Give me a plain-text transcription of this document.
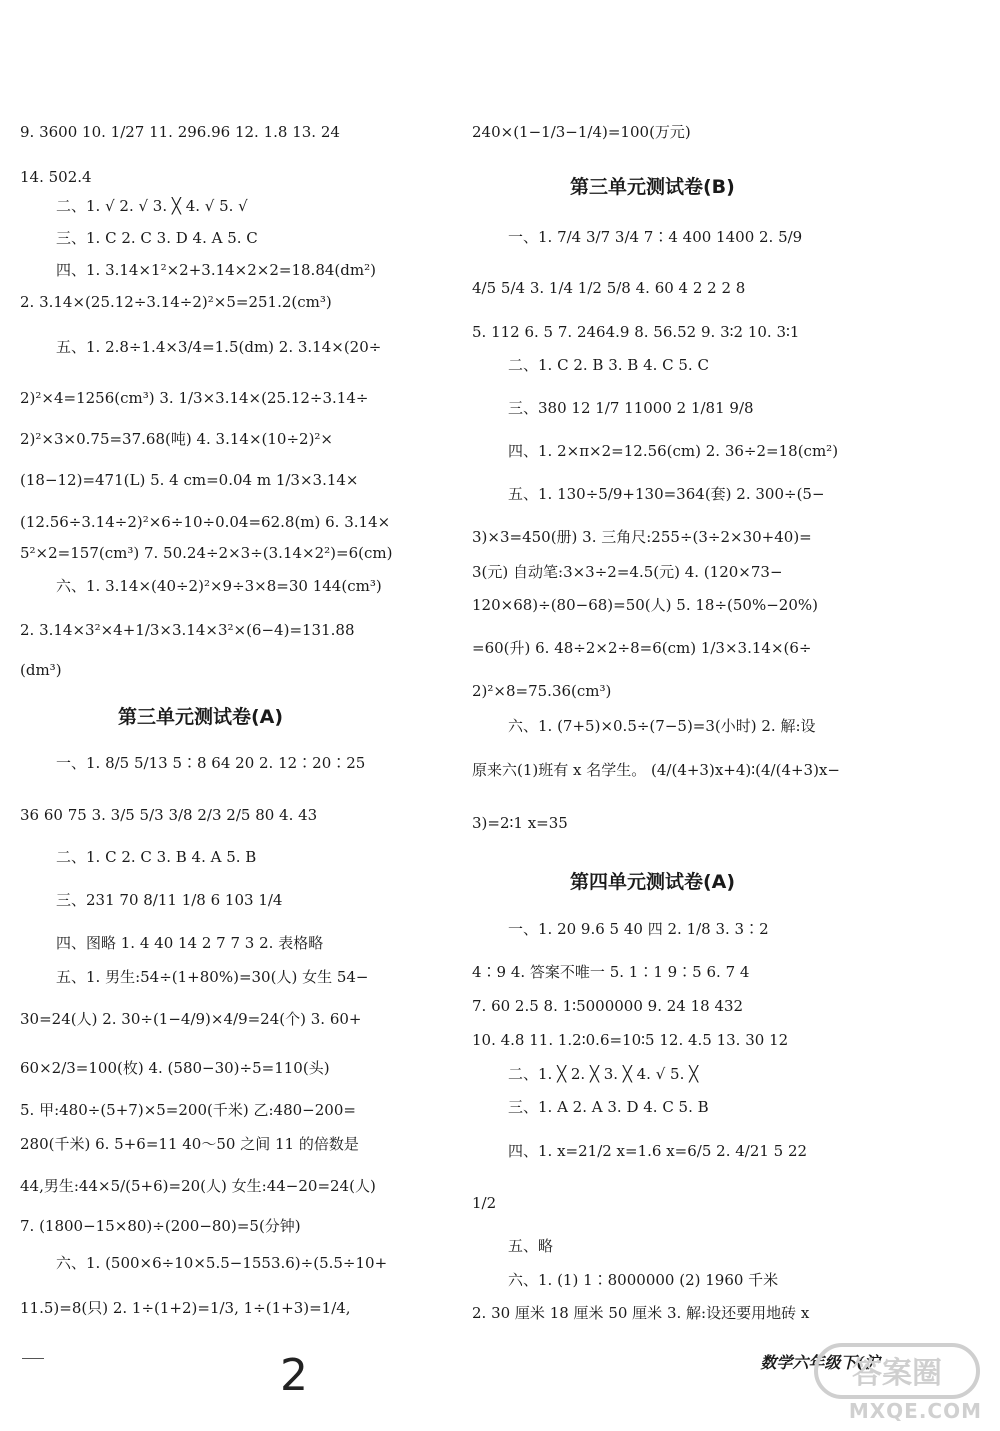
9. 3600 10. 1/27 11. 296.96 12. 1.8 13. 24
14. 502.4
二、1. √ 2. √ 3. ╳ 4. √ 5. √
三、1. C 2. C 3. D 4. A 5. C
四、1. 3.14×1²×2+3.14×2×2=18.84(dm²)
2. 3.14×(25.12÷3.14÷2)²×5=251.2(cm³)
五、1. 2.8÷1.4×3/4=1.5(dm) 2. 3.14×(20÷
2)²×4=1256(cm³) 3. 1/3×3.14×(25.12÷3.14÷
2)²×3×0.75=37.68(吨) 4. 3.14×(10÷2)²×
(18−12)=471(L) 5. 4 cm=0.04 m 1/3×3.14×
(12.56÷3.14÷2)²×6÷10÷0.04=62.8(m) 6. 3.14×
5²×2=157(cm³) 7. 50.24÷2×3÷(3.14×2²)=6(cm)
六、1. 3.14×(40÷2)²×9÷3×8=30 144(cm³)
2. 3.14×3²×4+1/3×3.14×3²×(6−4)=131.88
(dm³)
第三单元测试卷(A)
一、1. 8/5 5/13 5∶8 64 20 2. 12∶20∶25
36 60 75 3. 3/5 5/3 3/8 2/3 2/5 80 4. 43
二、1. C 2. C 3. B 4. A 5. B
三、231 70 8/11 1/8 6 103 1/4
四、图略 1. 4 40 14 2 7 7 3 2. 表格略
五、1. 男生:54÷(1+80%)=30(人) 女生 54−
30=24(人) 2. 30÷(1−4/9)×4/9=24(个) 3. 60+
60×2/3=100(枚) 4. (580−30)÷5=110(头)
5. 甲:480÷(5+7)×5=200(千米) 乙:480−200=
280(千米) 6. 5+6=11 40～50 之间 11 的倍数是
44,男生:44×5/(5+6)=20(人) 女生:44−20=24(人)
7. (1800−15×80)÷(200−80)=5(分钟)
六、1. (500×6÷10×5.5−1553.6)÷(5.5÷10+
11.5)=8(只) 2. 1÷(1+2)=1/3, 1÷(1+3)=1/4,
240×(1−1/3−1/4)=100(万元)
第三单元测试卷(B)
一、1. 7/4 3/7 3/4 7∶4 400 1400 2. 5/9
4/5 5/4 3. 1/4 1/2 5/8 4. 60 4 2 2 2 8
5. 112 6. 5 7. 2464.9 8. 56.52 9. 3∶2 10. 3∶1
二、1. C 2. B 3. B 4. C 5. C
三、380 12 1/7 11000 2 1/81 9/8
四、1. 2×π×2=12.56(cm) 2. 36÷2=18(cm²)
五、1. 130÷5/9+130=364(套) 2. 300÷(5−
3)×3=450(册) 3. 三角尺:255÷(3÷2×30+40)=
3(元) 自动笔:3×3÷2=4.5(元) 4. (120×73−
120×68)÷(80−68)=50(人) 5. 18÷(50%−20%)
=60(升) 6. 48÷2×2÷8=6(cm) 1/3×3.14×(6÷
2)²×8=75.36(cm³)
六、1. (7+5)×0.5÷(7−5)=3(小时) 2. 解:设
原来六(1)班有 x 名学生。 (4/(4+3)x+4)∶(4/(4+3)x−
3)=2∶1 x=35
第四单元测试卷(A)
一、1. 20 9.6 5 40 四 2. 1/8 3. 3∶2
4∶9 4. 答案不唯一 5. 1∶1 9∶5 6. 7 4
7. 60 2.5 8. 1∶5000000 9. 24 18 432
10. 4.8 11. 1.2∶0.6=10∶5 12. 4.5 13. 30 12
二、1. ╳ 2. ╳ 3. ╳ 4. √ 5. ╳
三、1. A 2. A 3. D 4. C 5. B
四、1. x=21/2 x=1.6 x=6/5 2. 4/21 5 22
1/2
五、略
六、1. (1) 1∶8000000 (2) 1960 千米
2. 30 厘米 18 厘米 50 厘米 3. 解:设还要用地砖 x
2	数学六年级下(沪
答案圈
MXQE.COM
